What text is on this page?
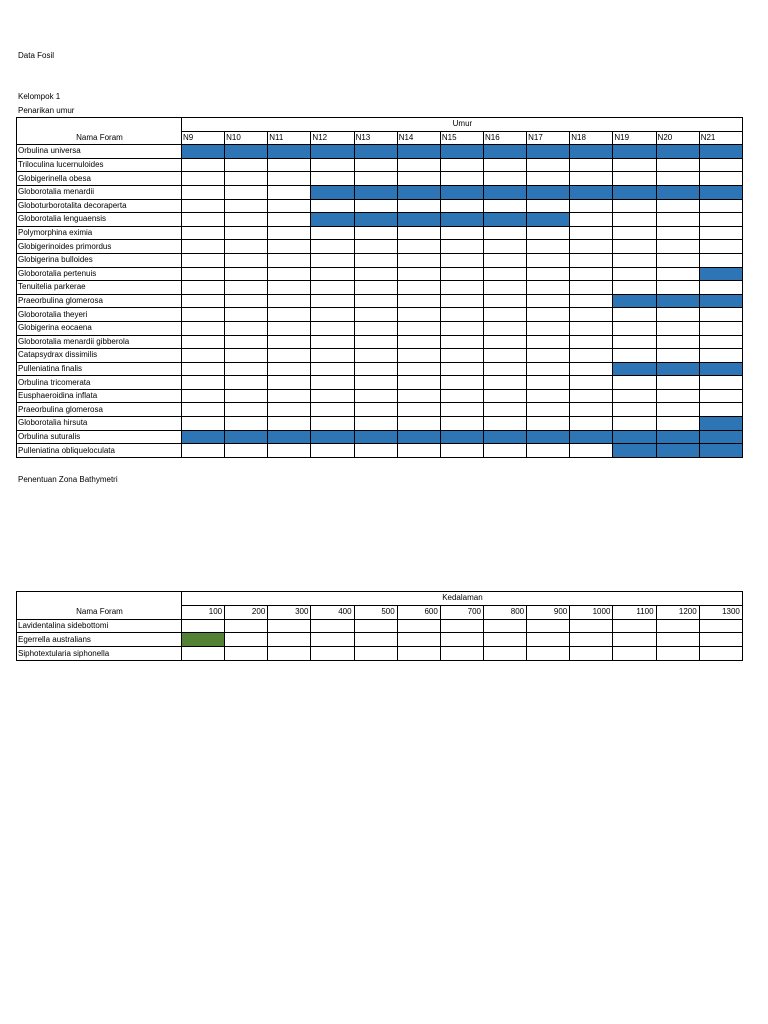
Data Fosil
Kelompok 1
Penarikan umur
	Umur												
Nama Foram	N9	N10	N11	N12	N13	N14	N15	N16	N17	N18	N19	N20	N21
Orbulina universa													
Triloculina lucernuloides													
Globigerinella obesa													
Globorotalia menardii													
Globoturborotalita decoraperta													
Globorotalia lenguaensis													
Polymorphina eximia													
Globigerinoides primordus													
Globigerina bulloides													
Globorotalia pertenuis													
Tenuitelia parkerae													
Praeorbulina glomerosa													
Globorotalia theyeri													
Globigerina eocaena													
Globorotalia menardii gibberola													
Catapsydrax dissimilis													
Pulleniatina finalis													
Orbulina tricomerata													
Eusphaeroidina inflata													
Praeorbulina glomerosa													
Globorotalia hirsuta													
Orbulina suturalis													
Pulleniatina obliqueloculata													
Penentuan Zona Bathymetri
	Kedalaman												
Nama Foram	100	200	300	400	500	600	700	800	900	1000	1100	1200	1300
Lavidentalina sidebottomi													
Egerrella australians													
Siphotextularia siphonella													
